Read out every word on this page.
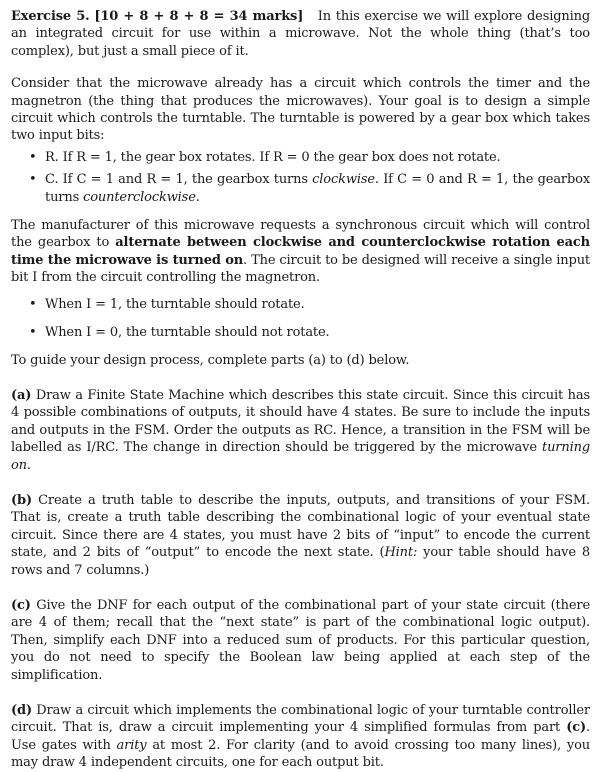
Exercise 5. [10 + 8 + 8 + 8 = 34 marks] In this exercise we will explore designing an integrated circuit for use within a microwave. Not the whole thing (that’s too complex), but just a small piece of it.

Consider that the microwave already has a circuit which controls the timer and the magnetron (the thing that produces the microwaves). Your goal is to design a simple circuit which controls the turntable. The turntable is powered by a gear box which takes two input bits:

• R. If R = 1, the gear box rotates. If R = 0 the gear box does not rotate.
• C. If C = 1 and R = 1, the gearbox turns clockwise. If C = 0 and R = 1, the gearbox turns counterclockwise.

The manufacturer of this microwave requests a synchronous circuit which will control the gearbox to alternate between clockwise and counterclockwise rotation each time the microwave is turned on. The circuit to be designed will receive a single input bit I from the circuit controlling the magnetron.

• When I = 1, the turntable should rotate.
• When I = 0, the turntable should not rotate.

To guide your design process, complete parts (a) to (d) below.

(a) Draw a Finite State Machine which describes this state circuit. Since this circuit has 4 possible combinations of outputs, it should have 4 states. Be sure to include the inputs and outputs in the FSM. Order the outputs as RC. Hence, a transition in the FSM will be labelled as I/RC. The change in direction should be triggered by the microwave turning on.

(b) Create a truth table to describe the inputs, outputs, and transitions of your FSM. That is, create a truth table describing the combinational logic of your eventual state circuit. Since there are 4 states, you must have 2 bits of “input” to encode the current state, and 2 bits of “output” to encode the next state. (Hint: your table should have 8 rows and 7 columns.)

(c) Give the DNF for each output of the combinational part of your state circuit (there are 4 of them; recall that the “next state” is part of the combinational logic output). Then, simplify each DNF into a reduced sum of products. For this particular question, you do not need to specify the Boolean law being applied at each step of the simplification.

(d) Draw a circuit which implements the combinational logic of your turntable controller circuit. That is, draw a circuit implementing your 4 simplified formulas from part (c). Use gates with arity at most 2. For clarity (and to avoid crossing too many lines), you may draw 4 independent circuits, one for each output bit.
